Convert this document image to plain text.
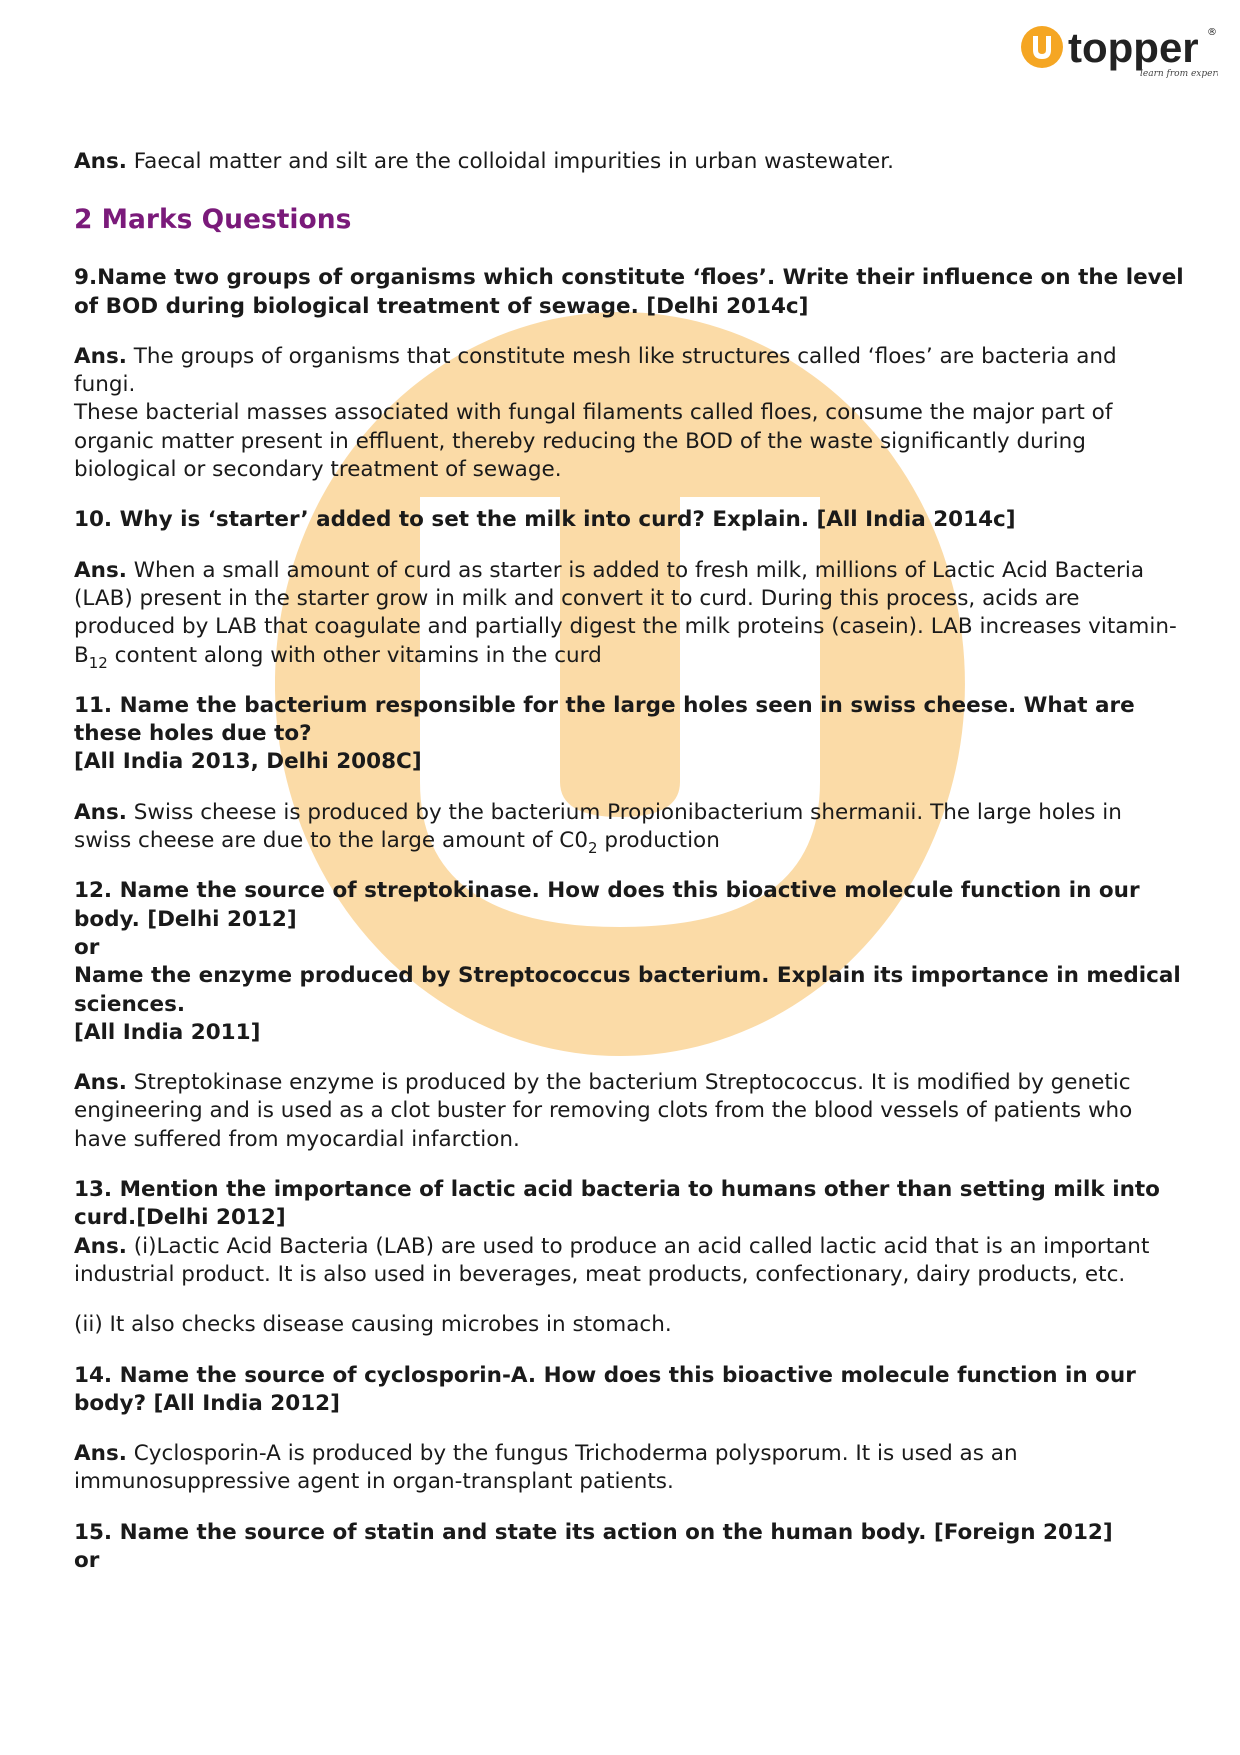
topper ®
learn from experts

Ans. Faecal matter and silt are the colloidal impurities in urban wastewater.

2 Marks Questions

9.Name two groups of organisms which constitute ‘floes’. Write their influence on the level of BOD during biological treatment of sewage. [Delhi 2014c]

Ans. The groups of organisms that constitute mesh like structures called ‘floes’ are bacteria and fungi.

These bacterial masses associated with fungal filaments called floes, consume the major part of organic matter present in effluent, thereby reducing the BOD of the waste significantly during biological or secondary treatment of sewage.

10. Why is ‘starter’ added to set the milk into curd? Explain. [All India 2014c]

Ans. When a small amount of curd as starter is added to fresh milk, millions of Lactic Acid Bacteria (LAB) present in the starter grow in milk and convert it to curd. During this process, acids are produced by LAB that coagulate and partially digest the milk proteins (casein). LAB increases vitamin-$B_{12}$ content along with other vitamins in the curd

11. Name the bacterium responsible for the large holes seen in swiss cheese. What are these holes due to?

[All India 2013, Delhi 2008C]

Ans. Swiss cheese is produced by the bacterium Propionibacterium shermanii. The large holes in swiss cheese are due to the large amount of $C0_2$ production

12. Name the source of streptokinase. How does this bioactive molecule function in our body. [Delhi 2012]

or

Name the enzyme produced by Streptococcus bacterium. Explain its importance in medical sciences.

[All India 2011]

Ans. Streptokinase enzyme is produced by the bacterium Streptococcus. It is modified by genetic engineering and is used as a clot buster for removing clots from the blood vessels of patients who have suffered from myocardial infarction.

13. Mention the importance of lactic acid bacteria to humans other than setting milk into curd.[Delhi 2012]

Ans. (i)Lactic Acid Bacteria (LAB) are used to produce an acid called lactic acid that is an important industrial product. It is also used in beverages, meat products, confectionary, dairy products, etc.

(ii) It also checks disease causing microbes in stomach.

14. Name the source of cyclosporin-A. How does this bioactive molecule function in our body? [All India 2012]

Ans. Cyclosporin-A is produced by the fungus Trichoderma polysporum. It is used as an immunosuppressive agent in organ-transplant patients.

15. Name the source of statin and state its action on the human body. [Foreign 2012]

or
